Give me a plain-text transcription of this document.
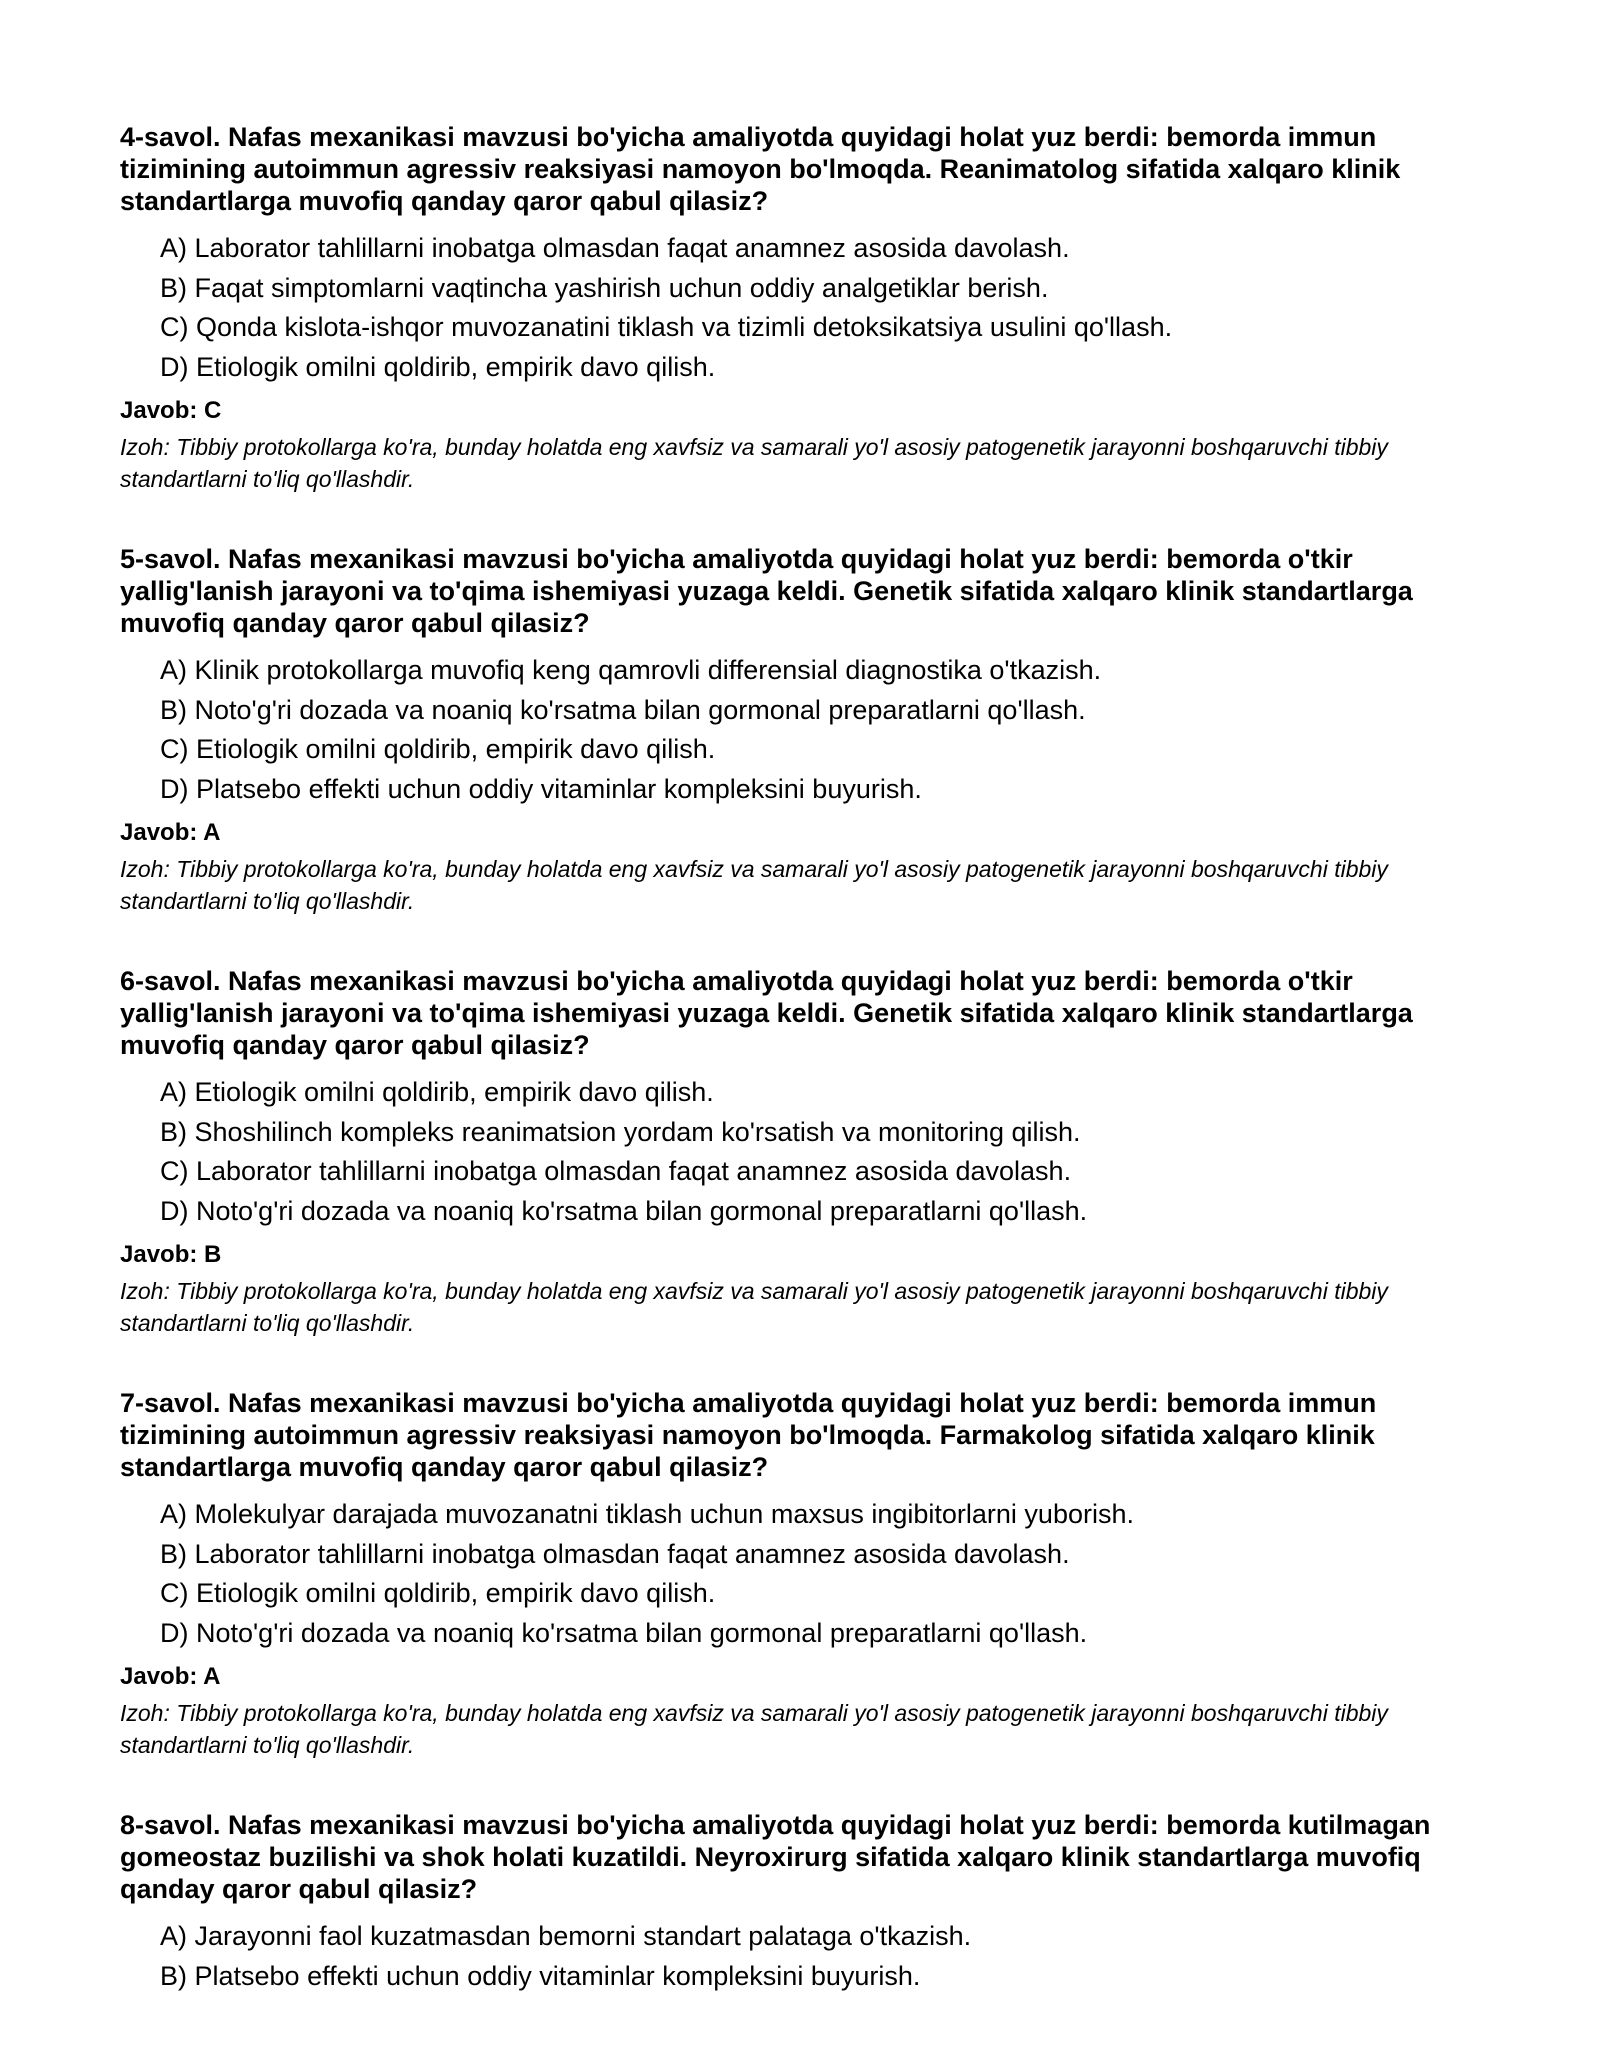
4-savol. Nafas mexanikasi mavzusi bo'yicha amaliyotda quyidagi holat yuz berdi: bemorda immun tizimining autoimmun agressiv reaksiyasi namoyon bo'lmoqda. Reanimatolog sifatida xalqaro klinik standartlarga muvofiq qanday qaror qabul qilasiz?
A) Laborator tahlillarni inobatga olmasdan faqat anamnez asosida davolash.
B) Faqat simptomlarni vaqtincha yashirish uchun oddiy analgetiklar berish.
C) Qonda kislota-ishqor muvozanatini tiklash va tizimli detoksikatsiya usulini qo'llash.
D) Etiologik omilni qoldirib, empirik davo qilish.
Javob: C

Izoh: Tibbiy protokollarga ko'ra, bunday holatda eng xavfsiz va samarali yo'l asosiy patogenetik jarayonni boshqaruvchi tibbiy standartlarni to'liq qo'llashdir.

5-savol. Nafas mexanikasi mavzusi bo'yicha amaliyotda quyidagi holat yuz berdi: bemorda o'tkir yallig'lanish jarayoni va to'qima ishemiyasi yuzaga keldi. Genetik sifatida xalqaro klinik standartlarga muvofiq qanday qaror qabul qilasiz?
A) Klinik protokollarga muvofiq keng qamrovli differensial diagnostika o'tkazish.
B) Noto'g'ri dozada va noaniq ko'rsatma bilan gormonal preparatlarni qo'llash.
C) Etiologik omilni qoldirib, empirik davo qilish.
D) Platsebo effekti uchun oddiy vitaminlar kompleksini buyurish.
Javob: A

Izoh: Tibbiy protokollarga ko'ra, bunday holatda eng xavfsiz va samarali yo'l asosiy patogenetik jarayonni boshqaruvchi tibbiy standartlarni to'liq qo'llashdir.

6-savol. Nafas mexanikasi mavzusi bo'yicha amaliyotda quyidagi holat yuz berdi: bemorda o'tkir yallig'lanish jarayoni va to'qima ishemiyasi yuzaga keldi. Genetik sifatida xalqaro klinik standartlarga muvofiq qanday qaror qabul qilasiz?
A) Etiologik omilni qoldirib, empirik davo qilish.
B) Shoshilinch kompleks reanimatsion yordam ko'rsatish va monitoring qilish.
C) Laborator tahlillarni inobatga olmasdan faqat anamnez asosida davolash.
D) Noto'g'ri dozada va noaniq ko'rsatma bilan gormonal preparatlarni qo'llash.
Javob: B

Izoh: Tibbiy protokollarga ko'ra, bunday holatda eng xavfsiz va samarali yo'l asosiy patogenetik jarayonni boshqaruvchi tibbiy standartlarni to'liq qo'llashdir.

7-savol. Nafas mexanikasi mavzusi bo'yicha amaliyotda quyidagi holat yuz berdi: bemorda immun tizimining autoimmun agressiv reaksiyasi namoyon bo'lmoqda. Farmakolog sifatida xalqaro klinik standartlarga muvofiq qanday qaror qabul qilasiz?
A) Molekulyar darajada muvozanatni tiklash uchun maxsus ingibitorlarni yuborish.
B) Laborator tahlillarni inobatga olmasdan faqat anamnez asosida davolash.
C) Etiologik omilni qoldirib, empirik davo qilish.
D) Noto'g'ri dozada va noaniq ko'rsatma bilan gormonal preparatlarni qo'llash.
Javob: A

Izoh: Tibbiy protokollarga ko'ra, bunday holatda eng xavfsiz va samarali yo'l asosiy patogenetik jarayonni boshqaruvchi tibbiy standartlarni to'liq qo'llashdir.

8-savol. Nafas mexanikasi mavzusi bo'yicha amaliyotda quyidagi holat yuz berdi: bemorda kutilmagan gomeostaz buzilishi va shok holati kuzatildi. Neyroxirurg sifatida xalqaro klinik standartlarga muvofiq qanday qaror qabul qilasiz?
A) Jarayonni faol kuzatmasdan bemorni standart palataga o'tkazish.
B) Platsebo effekti uchun oddiy vitaminlar kompleksini buyurish.
